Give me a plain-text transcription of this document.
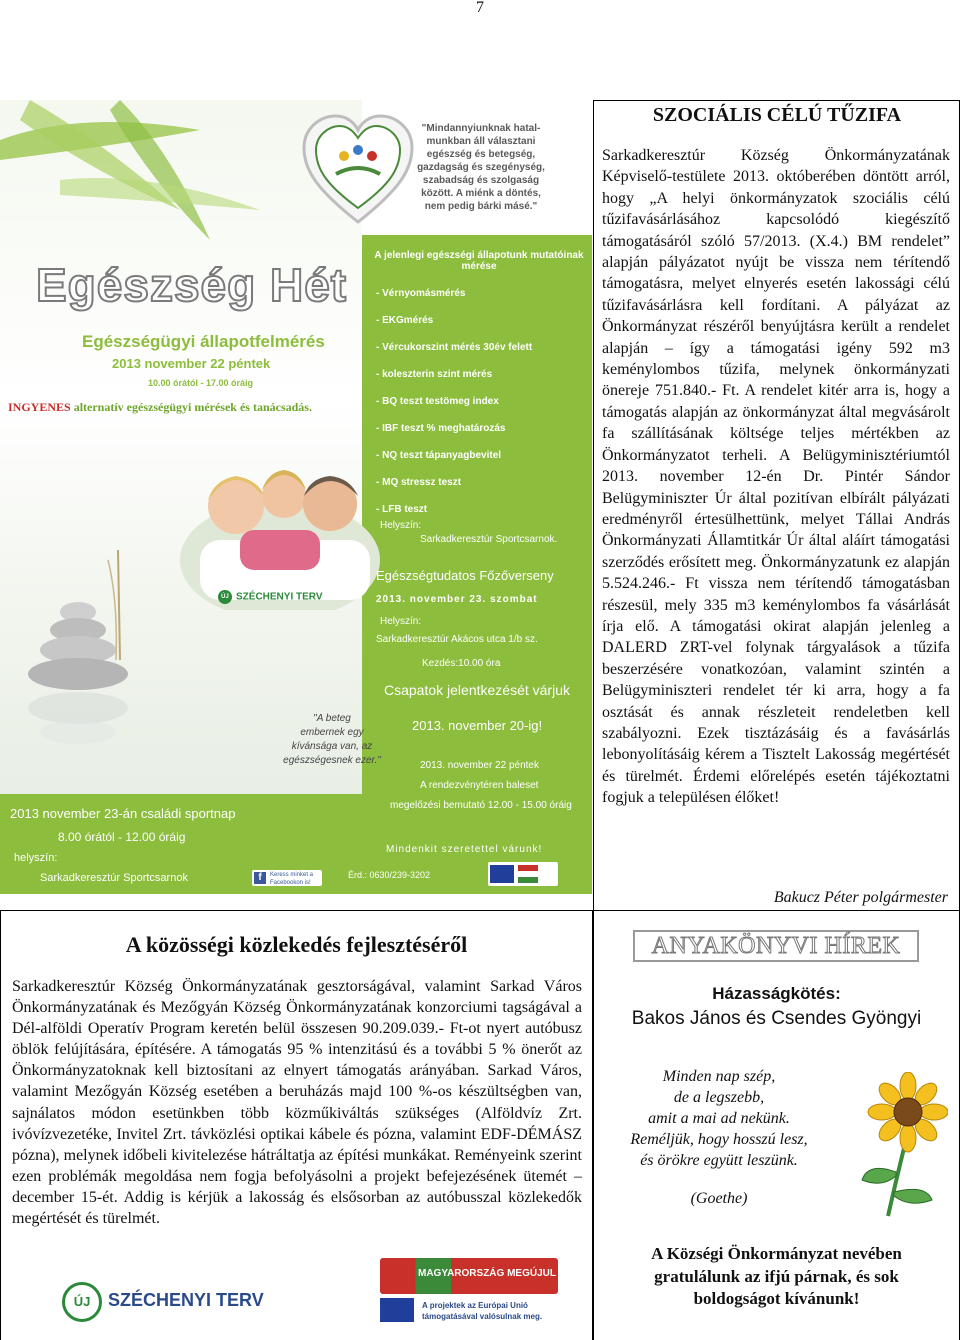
7
"Mindannyiunknak hatal-
munkban áll választani
egészség és betegség,
gazdagság és szegénység,
szabadság és szolgaság
között. A miénk a döntés,
nem pedig bárki másé."
Egészség Hét
Egészségügyi állapotfelmérés
2013 november 22 péntek
10.00 órától - 17.00 óráig
INGYENES alternatív egészségügyi mérések és tanácsadás.
ÚJ SZÉCHENYI TERV
"A beteg
embernek egy
kívánsága van, az
egészségesnek ezer."
2013 november 23-án családi sportnap
8.00 órától - 12.00 óráig
helyszín:
Sarkadkeresztúr Sportcsarnok	f	Keress minket a Facebookon is!
A jelenlegi egészségi állapotunk mutatóinak
mérése
- Vérnyomásmérés
- EKGmérés
- Vércukorszint mérés 30év felett
- koleszterin szint mérés
- BQ teszt testömeg index
- IBF teszt % meghatározás
- NQ teszt tápanyagbevitel
- MQ stressz teszt
- LFB teszt
Helyszín:
Sarkadkeresztúr Sportcsarnok.
Egészségtudatos Főzőverseny
2013. november 23. szombat
Helyszín:
Sarkadkeresztúr Akácos utca 1/b sz.
Kezdés:10.00 óra
Csapatok jelentkezését várjuk
2013. november 20-ig!
2013. november 22 péntek
A rendezvénytéren baleset
megelőzési bemutató 12.00 - 15.00 óráig
Mindenkit szeretettel várunk!
Érd.: 0630/239-3202
SZOCIÁLIS CÉLÚ TŰZIFA
Sarkadkeresztúr Község Önkormányzatának Képviselő-testülete 2013. októberében döntött arról, hogy „A helyi önkormányzatok szociális célú tűzifavásárlásához kapcsolódó kiegészítő támogatásáról szóló 57/2013. (X.4.) BM rendelet” alapján pályázatot nyújt be vissza nem térítendő támogatásra, melyet elnyerés esetén lakossági célú tűzifavásárlásra kell fordítani. A pályázat az Önkormányzat részéről benyújtásra került a rendelet alapján – így a támogatási igény 592 m3 keménylombos tűzifa, melynek önkormányzati önereje 751.840.- Ft. A rendelet kitér arra is, hogy a támogatás alapján az önkormányzat által megvásárolt fa szállításának költsége teljes mértékben az Önkormányzatot terheli. A Belügyminisztériumtól 2013. november 12-én Dr. Pintér Sándor Belügyminiszter Úr által pozitívan elbírált pályázati eredményről értesülhettünk, melyet Tállai András Önkormányzati Államtitkár Úr által aláírt támogatási szerződés erősített meg. Önkormányzatunk ez alapján 5.524.246.- Ft vissza nem térítendő támogatásban részesül, mely 335 m3 keménylombos fa vásárlását írja elő. A támogatási okirat alapján jelenleg a DALERD ZRT-vel folynak tárgyalások a tűzifa beszerzésére vonatkozóan, valamint szintén a Belügyminiszteri rendelet tér ki arra, hogy a fa osztását és annak részleteit rendeletben kell szabályozni. Ezek tisztázásáig és a favásárlás lebonyolításáig kérem a Tisztelt Lakosság megértését és türelmét. Érdemi előrelépés esetén tájékoztatni fogjuk a településen élőket!
Bakucz Péter polgármester
A közösségi közlekedés fejlesztéséről
Sarkadkeresztúr Község Önkormányzatának gesztorságával, valamint Sarkad Város Önkormányzatának és Mezőgyán Község Önkormányzatának konzorciumi tagságával a Dél-alföldi Operatív Program keretén belül összesen 90.209.039.- Ft-ot nyert autóbusz öblök felújítására, építésére. A támogatás 95 % intenzitású és a további 5 % önerőt az Önkormányzatoknak kell biztosítani az elnyert támogatás arányában. Sarkad Város, valamint Mezőgyán Község esetében a beruházás majd 100 %-os készültségben van, sajnálatos módon esetünkben több közműkiváltás szükséges (Alföldvíz Zrt. ivóvízvezetéke, Invitel Zrt. távközlési optikai kábele és pózna, valamint EDF-DÉMÁSZ pózna), melynek időbeli kivitelezése hátráltatja az építési munkákat. Reményeink szerint ezen problémák megoldása nem fogja befolyásolni a projekt befejezésének ütemét – december 15-ét. Addig is kérjük a lakosság és elsősorban az autóbusszal közlekedők megértését és türelmét.
ÚJ SZÉCHENYI TERV
MAGYARORSZÁG MEGÚJUL
A projektek az Európai Unió
támogatásával valósulnak meg.
ANYAKÖNYVI HÍREK
Házasságkötés:
Bakos János és Csendes Gyöngyi
Minden nap szép,
de a legszebb,
amit a mai ad nekünk.
Reméljük, hogy hosszú lesz,
és örökre együtt leszünk.
(Goethe)
A Községi Önkormányzat nevében
gratulálunk az ifjú párnak, és sok
boldogságot kívánunk!
